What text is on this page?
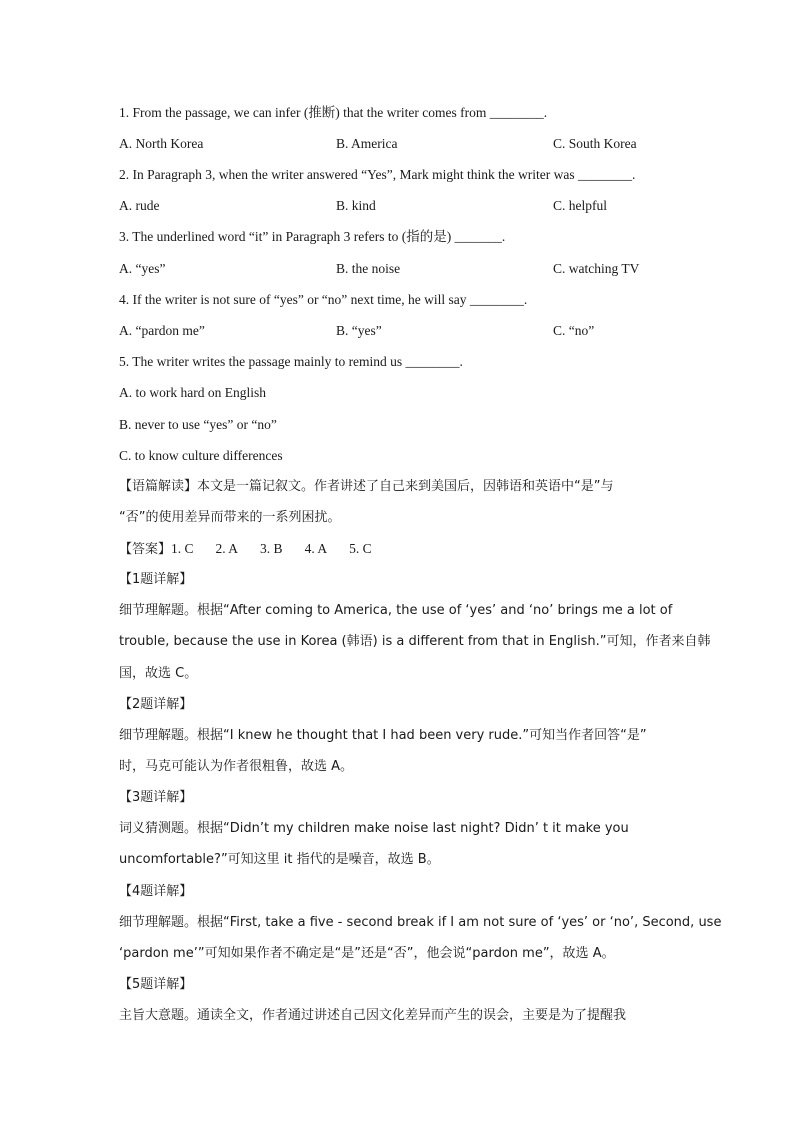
1. From the passage, we can infer (推断) that the writer comes from ________.
A. North Korea	B. America	C. South Korea
2. In Paragraph 3, when the writer answered “Yes”, Mark might think the writer was ________.
A. rude	B. kind	C. helpful
3. The underlined word “it” in Paragraph 3 refers to (指的是) _______.
A. “yes”	B. the noise	C. watching TV
4. If the writer is not sure of “yes” or “no” next time, he will say ________.
A. “pardon me”	B. “yes”	C. “no”
5. The writer writes the passage mainly to remind us ________.
A. to work hard on English
B. never to use “yes” or “no”
C. to know culture differences
【语篇解读】本文是一篇记叙文。作者讲述了自己来到美国后，因韩语和英语中“是”与
“否”的使用差异而带来的一系列困扰。
【答案】1. C 2. A 3. B 4. A 5. C
【1题详解】
细节理解题。根据“After coming to America, the use of ‘yes’ and ‘no’ brings me a lot of
trouble, because the use in Korea (韩语) is a different from that in English.”可知，作者来自韩
国，故选 C。
【2题详解】
细节理解题。根据“I knew he thought that I had been very rude.”可知当作者回答“是”
时，马克可能认为作者很粗鲁，故选 A。
【3题详解】
词义猜测题。根据“Didn’t my children make noise last night? Didn’ t it make you
uncomfortable?”可知这里 it 指代的是噪音，故选 B。
【4题详解】
细节理解题。根据“First, take a five - second break if I am not sure of ‘yes’ or ‘no’, Second, use
‘pardon me’”可知如果作者不确定是“是”还是“否”，他会说“pardon me”，故选 A。
【5题详解】
主旨大意题。通读全文，作者通过讲述自己因文化差异而产生的误会，主要是为了提醒我
